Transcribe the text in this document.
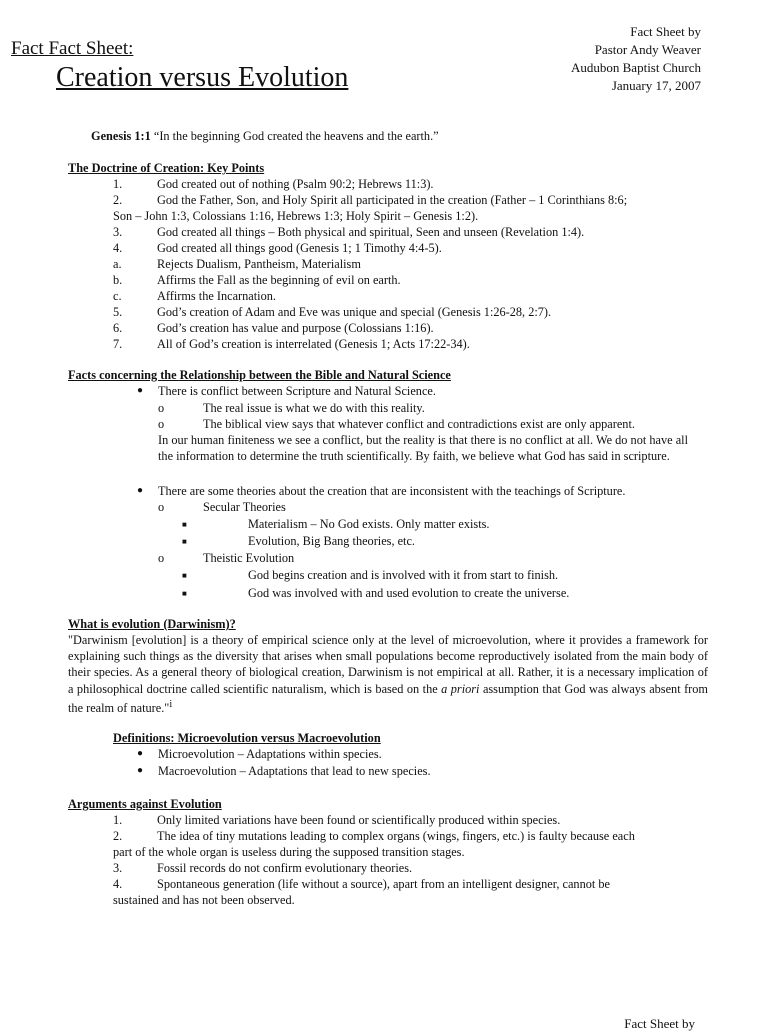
Fact Fact Sheet:
Creation versus Evolution
Fact Sheet by
Pastor Andy Weaver
Audubon Baptist Church
January 17, 2007
Genesis 1:1 “In the beginning God created the heavens and the earth.”
The Doctrine of Creation: Key Points
1.	God created out of nothing (Psalm 90:2; Hebrews 11:3).
2.	God the Father, Son, and Holy Spirit all participated in the creation (Father – 1 Corinthians 8:6;
Son – John 1:3, Colossians 1:16, Hebrews 1:3; Holy Spirit – Genesis 1:2).
3.	God created all things – Both physical and spiritual, Seen and unseen (Revelation 1:4).
4.	God created all things good (Genesis 1; 1 Timothy 4:4-5).
a.	Rejects Dualism, Pantheism, Materialism
b.	Affirms the Fall as the beginning of evil on earth.
c.	Affirms the Incarnation.
5.	God’s creation of Adam and Eve was unique and special (Genesis 1:26-28, 2:7).
6.	God’s creation has value and purpose (Colossians 1:16).
7.	All of God’s creation is interrelated (Genesis 1; Acts 17:22-34).
Facts concerning the Relationship between the Bible and Natural Science
● There is conflict between Scripture and Natural Science.
o	The real issue is what we do with this reality.
o	The biblical view says that whatever conflict and contradictions exist are only apparent.
In our human finiteness we see a conflict, but the reality is that there is no conflict at all. We do not have all the information to determine the truth scientifically. By faith, we believe what God has said in scripture.
● There are some theories about the creation that are inconsistent with the teachings of Scripture.
o	Secular Theories
■	Materialism – No God exists. Only matter exists.
■	Evolution, Big Bang theories, etc.
o	Theistic Evolution
■	God begins creation and is involved with it from start to finish.
■	God was involved with and used evolution to create the universe.
What is evolution (Darwinism)?
"Darwinism [evolution] is a theory of empirical science only at the level of microevolution, where it provides a framework for explaining such things as the diversity that arises when small populations become reproductively isolated from the main body of their species. As a general theory of biological creation, Darwinism is not empirical at all. Rather, it is a necessary implication of a philosophical doctrine called scientific naturalism, which is based on the a priori assumption that God was always absent from the realm of nature."$^i$
Definitions: Microevolution versus Macroevolution
● Microevolution – Adaptations within species.
● Macroevolution – Adaptations that lead to new species.
Arguments against Evolution
1.	Only limited variations have been found or scientifically produced within species.
2.	The idea of tiny mutations leading to complex organs (wings, fingers, etc.) is faulty because each
part of the whole organ is useless during the supposed transition stages.
3.	Fossil records do not confirm evolutionary theories.
4.	Spontaneous generation (life without a source), apart from an intelligent designer, cannot be
sustained and has not been observed.
Fact Sheet by
